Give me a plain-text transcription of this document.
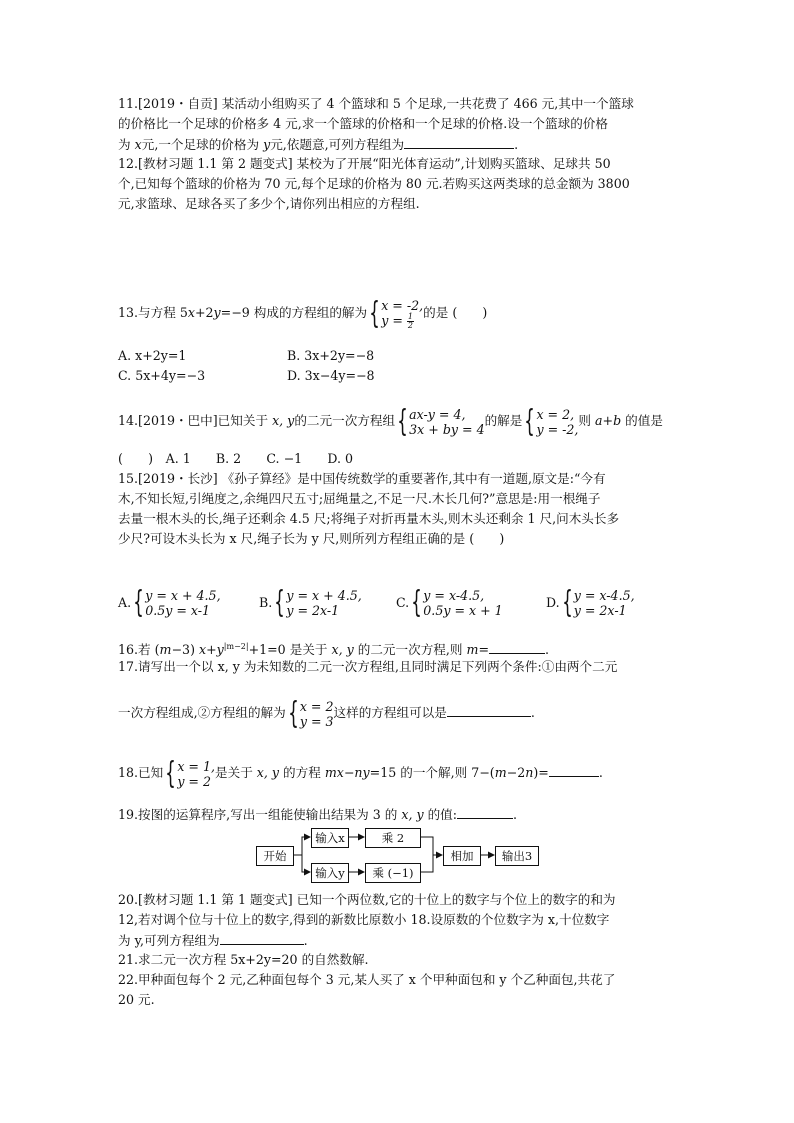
11.[2019・自贡] 某活动小组购买了 4 个篮球和 5 个足球,一共花费了 466 元,其中一个篮球
的价格比一个足球的价格多 4 元,求一个篮球的价格和一个足球的价格.设一个篮球的价格
为 x元,一个足球的价格为 y元,依题意,可列方程组为	.
12.[教材习题 1.1 第 2 题变式] 某校为了开展“阳光体育运动”,计划购买篮球、足球共 50
个,已知每个篮球的价格为 70 元,每个足球的价格为 80 元.若购买这两类球的总金额为 3800
元,求篮球、足球各买了多少个,请你列出相应的方程组.
13.与方程 5x+2y=−9 构成的方程组的解为 { x = -2,
$y = \frac{1}{2}$ 的是 (　　)
A. x+2y=1	B. 3x+2y=−8
C. 5x+4y=−3	D. 3x−4y=−8
14.[2019・巴中]已知关于 x, y的二元一次方程组 { ax-y = 4,
3x + by = 4
的解是 { x = 2,
y = -2,
则 a+b 的值是
(　　)　A. 1　　B. 2　　C. −1　　D. 0
15.[2019・长沙] 《孙子算经》是中国传统数学的重要著作,其中有一道题,原文是:“今有
木,不知长短,引绳度之,余绳四尺五寸;屈绳量之,不足一尺.木长几何?”意思是:用一根绳子
去量一根木头的长,绳子还剩余 4.5 尺;将绳子对折再量木头,则木头还剩余 1 尺,问木头长多
少尺?可设木头长为 x 尺,绳子长为 y 尺,则所列方程组正确的是 (　　)
A. { y = x + 4.5,
0.5y = x-1
B. { y = x + 4.5,
y = 2x-1
C. { y = x-4.5,
0.5y = x + 1
D. { y = x-4.5,
y = 2x-1
16.若 (m−3) $x+y^{|m-2|}+1=0$ 是关于 x, y 的二元一次方程,则 m=	.
17.请写出一个以 x, y 为未知数的二元一次方程组,且同时满足下列两个条件:①由两个二元
一次方程组成,②方程组的解为 { x = 2
y = 3
这样的方程组可以是	.
18.已知 { x = 1,
y = 2
是关于 x, y 的方程 mx−ny=15 的一个解,则 7−(m−2n)=	.
19.按图的运算程序,写出一组能使输出结果为 3 的 x, y 的值:	.
开始
输入x
输入y
乘 2
乘 (−1)
相加	输出3
20.[教材习题 1.1 第 1 题变式] 已知一个两位数,它的十位上的数字与个位上的数字的和为
12,若对调个位与十位上的数字,得到的新数比原数小 18.设原数的个位数字为 x,十位数字
为 y,可列方程组为	.
21.求二元一次方程 5x+2y=20 的自然数解.
22.甲种面包每个 2 元,乙种面包每个 3 元,某人买了 x 个甲种面包和 y 个乙种面包,共花了
20 元.
